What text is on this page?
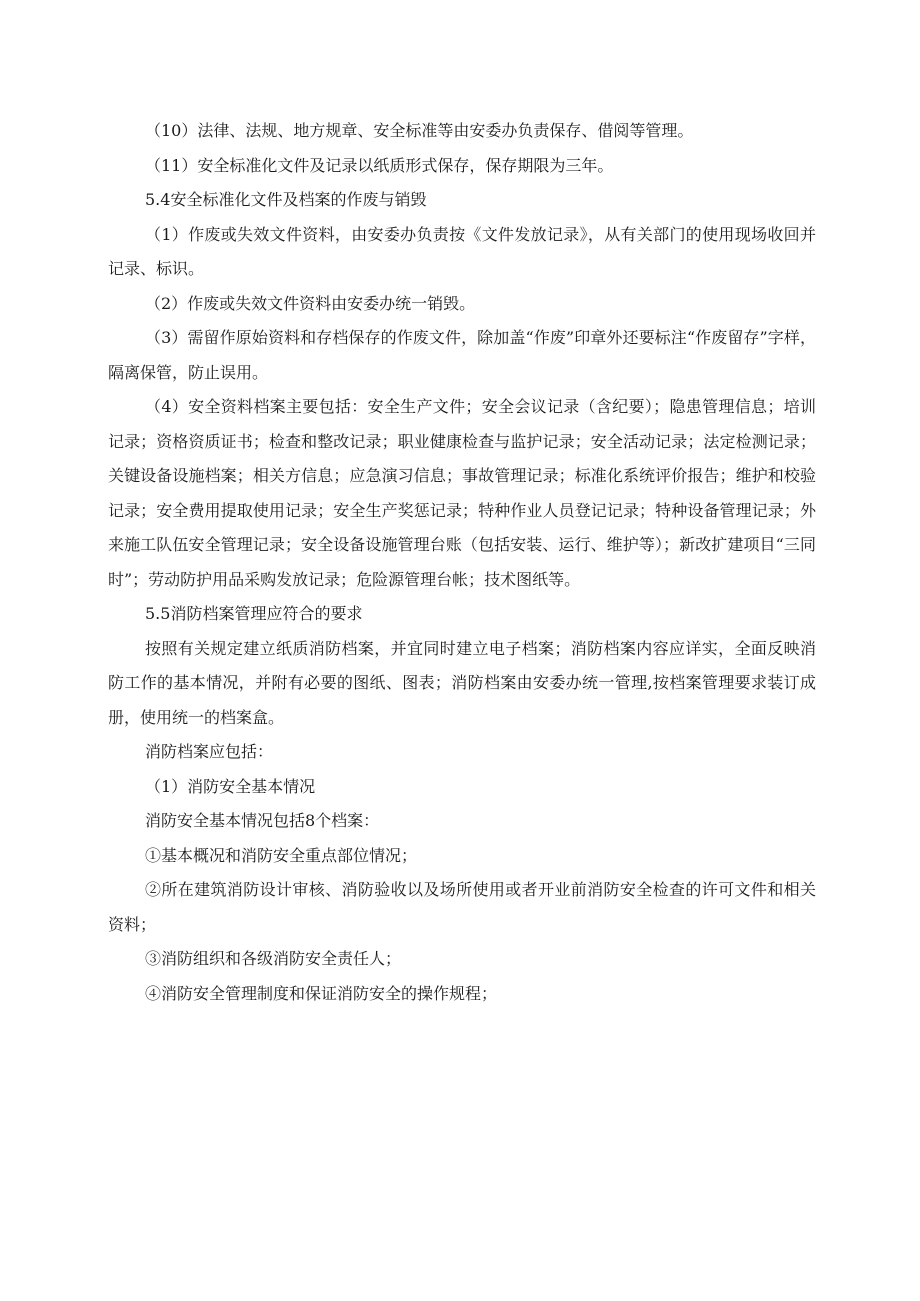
（10）法律、法规、地方规章、安全标准等由安委办负责保存、借阅等管理。

（11）安全标准化文件及记录以纸质形式保存，保存期限为三年。

5.4安全标准化文件及档案的作废与销毁

（1）作废或失效文件资料，由安委办负责按《文件发放记录》，从有关部门的使用现场收回并记录、标识。

（2）作废或失效文件资料由安委办统一销毁。

（3）需留作原始资料和存档保存的作废文件，除加盖“作废”印章外还要标注“作废留存”字样，隔离保管，防止误用。

（4）安全资料档案主要包括：安全生产文件；安全会议记录（含纪要）；隐患管理信息；培训记录；资格资质证书；检查和整改记录；职业健康检查与监护记录；安全活动记录；法定检测记录；关键设备设施档案；相关方信息；应急演习信息；事故管理记录；标准化系统评价报告；维护和校验记录；安全费用提取使用记录；安全生产奖惩记录；特种作业人员登记记录；特种设备管理记录；外来施工队伍安全管理记录；安全设备设施管理台账（包括安装、运行、维护等）；新改扩建项目“三同时”；劳动防护用品采购发放记录；危险源管理台帐；技术图纸等。

5.5消防档案管理应符合的要求

按照有关规定建立纸质消防档案，并宜同时建立电子档案；消防档案内容应详实，全面反映消防工作的基本情况，并附有必要的图纸、图表；消防档案由安委办统一管理,按档案管理要求装订成册，使用统一的档案盒。

消防档案应包括：

（1）消防安全基本情况

消防安全基本情况包括8个档案：

①基本概况和消防安全重点部位情况；

②所在建筑消防设计审核、消防验收以及场所使用或者开业前消防安全检查的许可文件和相关资料；

③消防组织和各级消防安全责任人；

④消防安全管理制度和保证消防安全的操作规程；
